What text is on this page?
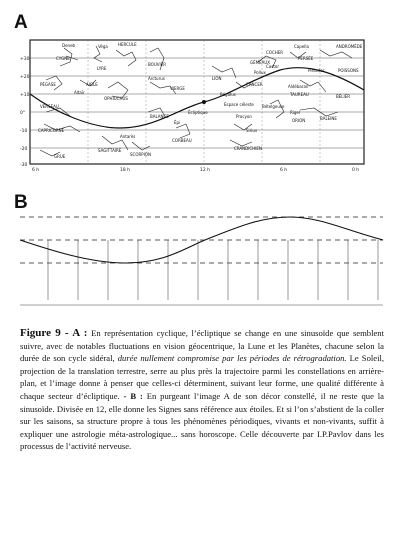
A
B
+30
+20
+10
0°
-10
-20
-30
6 h	18 h	12 h	6 h	0 h
Deneb
CYGNE
Véga
LYRE
HERCULE
BOUVIER
PÉGASE	AIGLE
Altaïr
OPHIUCHUS
Arcturus
VIERGE
LION
Régulus
CANCER
GÉMEAUX
Pollux
Castor
COCHER
Capella
PERSÉE
ANDROMÈDE
Pléiades	POISSONS
TAUREAU
Aldébaran
BÉLIER
ORION
Bételgeuse
Rigel
BALEINE
VERSEAU
BALANCE
Épi
CORBEAU
CAPRICORNE
Antarès
SAGITTAIRE
SCORPION
GRUE
Procyon
Sirius
CRANDICHIEN
Espace céleste
Écliptique
Figure 9 - A : En représentation cyclique, l’écliptique se change en une sinusoïde que semblent suivre, avec de notables fluctuations en vision géocentrique, la Lune et les Planètes, chacune selon la durée de son cycle sidéral, durée nullement compromise par les périodes de rétrogradation. Le Soleil, projection de la translation terrestre, serre au plus près la trajectoire parmi les constellations en arrière-plan, et l’image donne à penser que celles-ci déterminent, suivant leur forme, une qualité différente à chaque secteur d’écliptique. - B : En purgeant l’image A de son décor constellé, il ne reste que la sinusoïde. Divisée en 12, elle donne les Signes sans référence aux étoiles. Et si l’on s’abstient de la coller sur les saisons, sa structure propre à tous les phénomènes périodiques, vivants et non-vivants, suffit à expliquer une astrologie méta-astrologique... sans horoscope. Celle découverte par I.P.Pavlov dans les processus de l’activité nerveuse.
